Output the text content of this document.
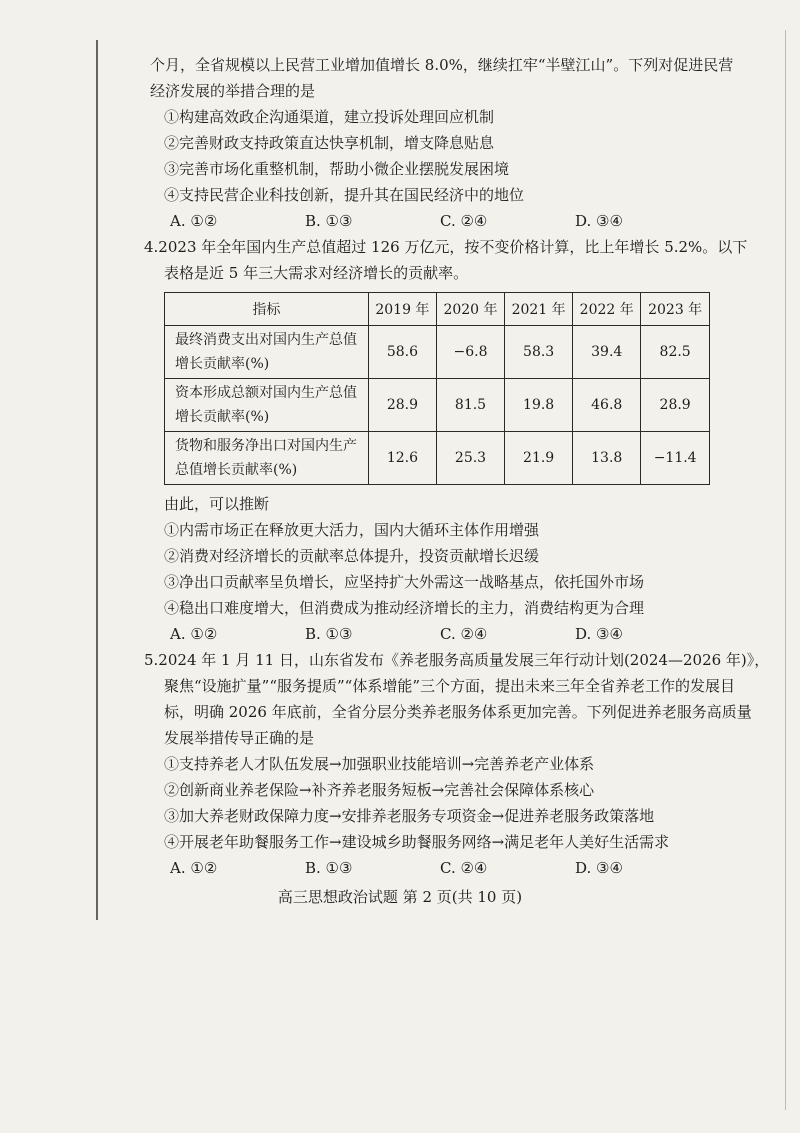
个月，全省规模以上民营工业增加值增长 8.0%，继续扛牢“半壁江山”。下列对促进民营
经济发展的举措合理的是
①构建高效政企沟通渠道，建立投诉处理回应机制
②完善财政支持政策直达快享机制，增支降息贴息
③完善市场化重整机制，帮助小微企业摆脱发展困境
④支持民营企业科技创新，提升其在国民经济中的地位
A. ①②	B. ①③	C. ②④	D. ③④
4.2023 年全年国内生产总值超过 126 万亿元，按不变价格计算，比上年增长 5.2%。以下
表格是近 5 年三大需求对经济增长的贡献率。
指标	2019 年	2020 年	2021 年	2022 年	2023 年
最终消费支出对国内生产总值
增长贡献率(%)	58.6	−6.8	58.3	39.4	82.5
资本形成总额对国内生产总值
增长贡献率(%)	28.9	81.5	19.8	46.8	28.9
货物和服务净出口对国内生产
总值增长贡献率(%)	12.6	25.3	21.9	13.8	−11.4
由此，可以推断
①内需市场正在释放更大活力，国内大循环主体作用增强
②消费对经济增长的贡献率总体提升，投资贡献增长迟缓
③净出口贡献率呈负增长，应坚持扩大外需这一战略基点，依托国外市场
④稳出口难度增大，但消费成为推动经济增长的主力，消费结构更为合理
A. ①②	B. ①③	C. ②④	D. ③④
5.2024 年 1 月 11 日，山东省发布《养老服务高质量发展三年行动计划(2024—2026 年)》，
聚焦“设施扩量”“服务提质”“体系增能”三个方面，提出未来三年全省养老工作的发展目
标，明确 2026 年底前，全省分层分类养老服务体系更加完善。下列促进养老服务高质量
发展举措传导正确的是
①支持养老人才队伍发展→加强职业技能培训→完善养老产业体系
②创新商业养老保险→补齐养老服务短板→完善社会保障体系核心
③加大养老财政保障力度→安排养老服务专项资金→促进养老服务政策落地
④开展老年助餐服务工作→建设城乡助餐服务网络→满足老年人美好生活需求
A. ①②	B. ①③	C. ②④	D. ③④
高三思想政治试题 第 2 页(共 10 页)
